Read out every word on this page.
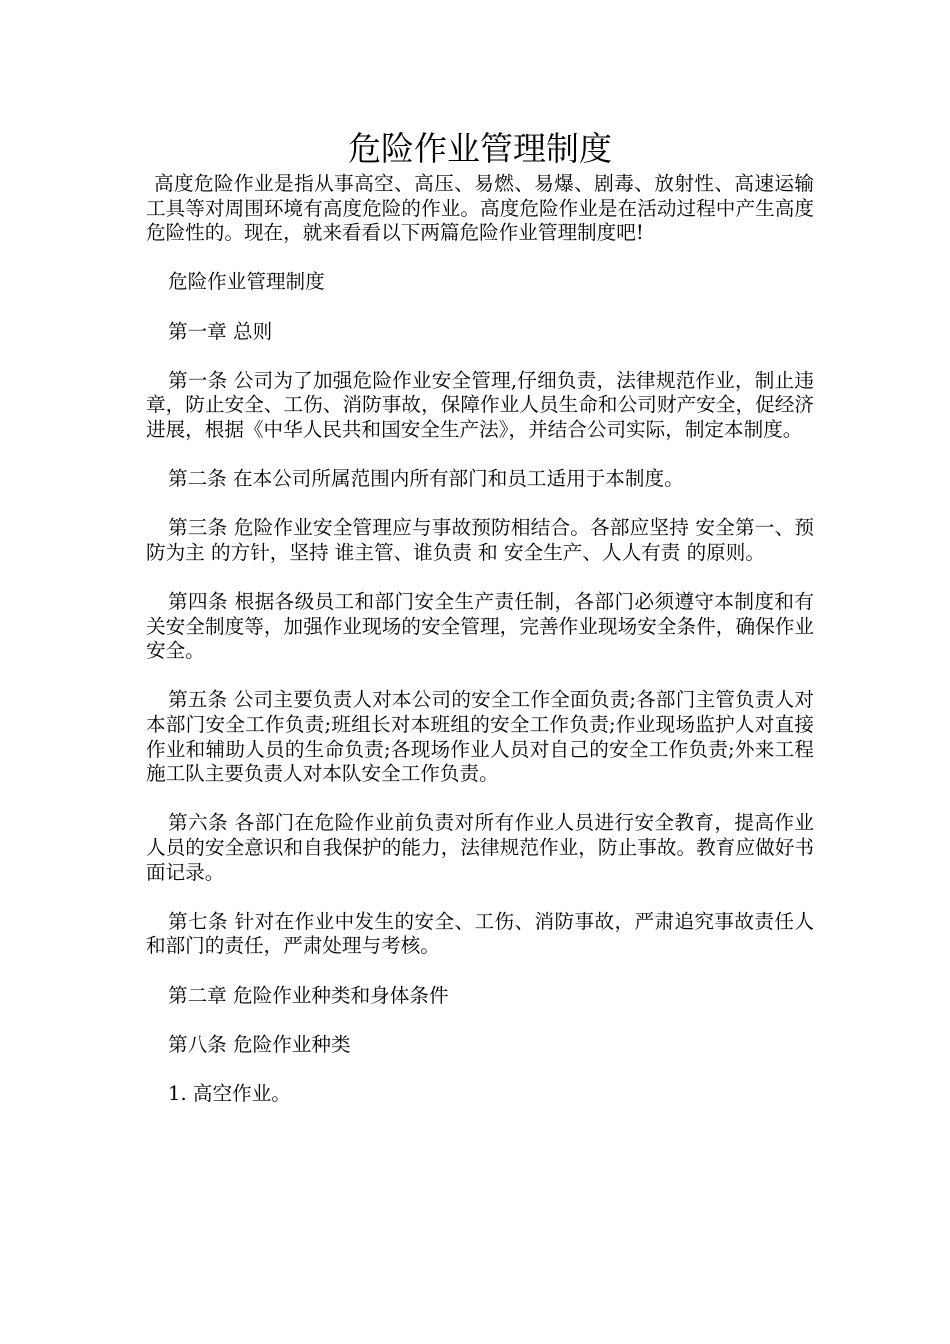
危险作业管理制度

高度危险作业是指从事高空、高压、易燃、易爆、剧毒、放射性、高速运输工具等对周围环境有高度危险的作业。高度危险作业是在活动过程中产生高度危险性的。现在，就来看看以下两篇危险作业管理制度吧!

危险作业管理制度

第一章 总则

第一条 公司为了加强危险作业安全管理,仔细负责，法律规范作业，制止违章，防止安全、工伤、消防事故，保障作业人员生命和公司财产安全，促经济进展，根据《中华人民共和国安全生产法》，并结合公司实际，制定本制度。

第二条 在本公司所属范围内所有部门和员工适用于本制度。

第三条 危险作业安全管理应与事故预防相结合。各部应坚持 安全第一、预防为主 的方针，坚持 谁主管、谁负责 和 安全生产、人人有责 的原则。

第四条 根据各级员工和部门安全生产责任制，各部门必须遵守本制度和有关安全制度等，加强作业现场的安全管理，完善作业现场安全条件，确保作业安全。

第五条 公司主要负责人对本公司的安全工作全面负责;各部门主管负责人对本部门安全工作负责;班组长对本班组的安全工作负责;作业现场监护人对直接作业和辅助人员的生命负责;各现场作业人员对自己的安全工作负责;外来工程施工队主要负责人对本队安全工作负责。

第六条 各部门在危险作业前负责对所有作业人员进行安全教育，提高作业人员的安全意识和自我保护的能力，法律规范作业，防止事故。教育应做好书面记录。

第七条 针对在作业中发生的安全、工伤、消防事故，严肃追究事故责任人和部门的责任，严肃处理与考核。

第二章 危险作业种类和身体条件

第八条 危险作业种类

1. 高空作业。
